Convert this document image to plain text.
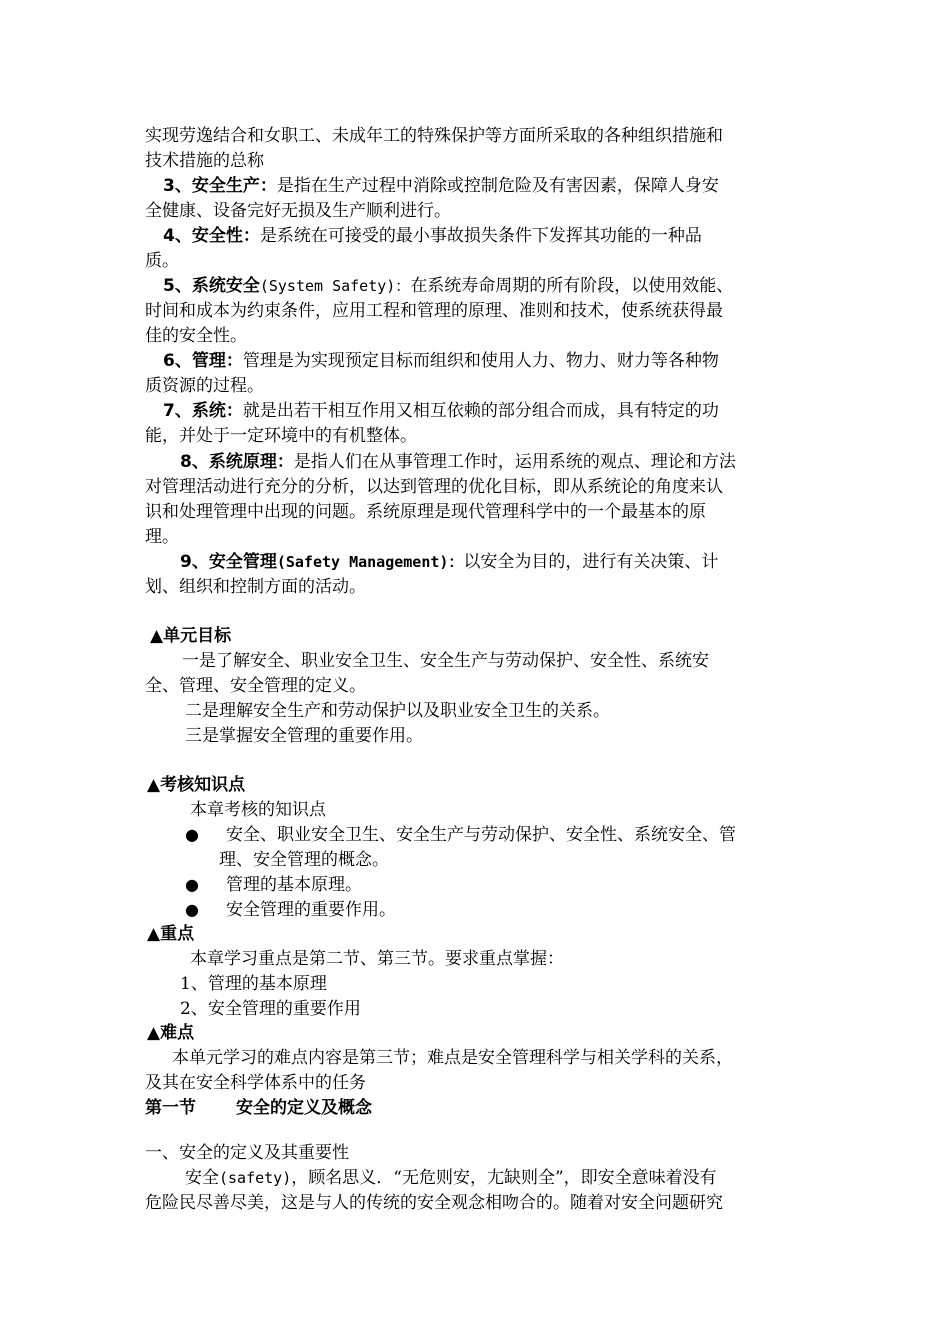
实现劳逸结合和女职工、未成年工的特殊保护等方面所采取的各种组织措施和
技术措施的总称
3、安全生产：是指在生产过程中消除或控制危险及有害因素，保障人身安
全健康、设备完好无损及生产顺利进行。
4、安全性：是系统在可接受的最小事故损失条件下发挥其功能的一种品
质。
5、系统安全(System Safety)：在系统寿命周期的所有阶段，以使用效能、
时间和成本为约束条件，应用工程和管理的原理、准则和技术，使系统获得最
佳的安全性。
6、管理：管理是为实现预定目标而组织和使用人力、物力、财力等各种物
质资源的过程。
7、系统：就是出若干相互作用又相互依赖的部分组合而成，具有特定的功
能，并处于一定环境中的有机整体。
8、系统原理：是指人们在从事管理工作时，运用系统的观点、理论和方法
对管理活动进行充分的分析，以达到管理的优化目标，即从系统论的角度来认
识和处理管理中出现的问题。系统原理是现代管理科学中的一个最基本的原
理。
9、安全管理(Safety Management)：以安全为目的，进行有关决策、计
划、组织和控制方面的活动。
▲单元目标
一是了解安全、职业安全卫生、安全生产与劳动保护、安全性、系统安
全、管理、安全管理的定义。
二是理解安全生产和劳动保护以及职业安全卫生的关系。
三是掌握安全管理的重要作用。
▲考核知识点
本章考核的知识点
● 安全、职业安全卫生、安全生产与劳动保护、安全性、系统安全、管
理、安全管理的概念。
● 管理的基本原理。
● 安全管理的重要作用。
▲重点
本章学习重点是第二节、第三节。要求重点掌握：
1、管理的基本原理
2、安全管理的重要作用
▲难点
本单元学习的难点内容是第三节；难点是安全管理科学与相关学科的关系，
及其在安全科学体系中的任务
第一节 安全的定义及概念
一、安全的定义及其重要性
安全(safety)，顾名思义．“无危则安，尢缺则全”，即安全意味着没有
危险民尽善尽美，这是与人的传统的安全观念相吻合的。随着对安全问题研究
